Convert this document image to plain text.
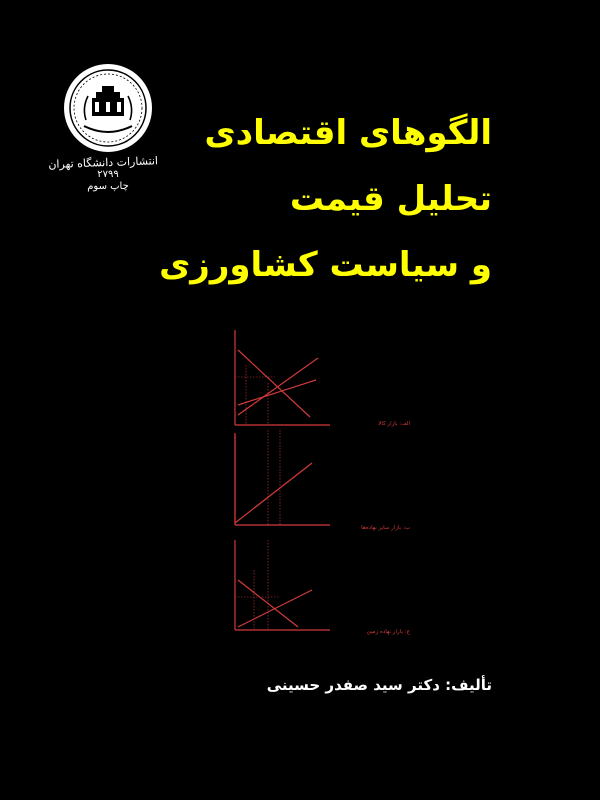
انتشارات دانشگاه تهران
۲۷۹۹
چاپ سوم
الگوهای اقتصادی
تحلیل قیمت
و سیاست کشاورزی
الف: بازار کالا
ب: بازار سایر نهاده‌ها
ج: بازار نهاده زمین
تألیف: دکتر سید صفدر حسینی
